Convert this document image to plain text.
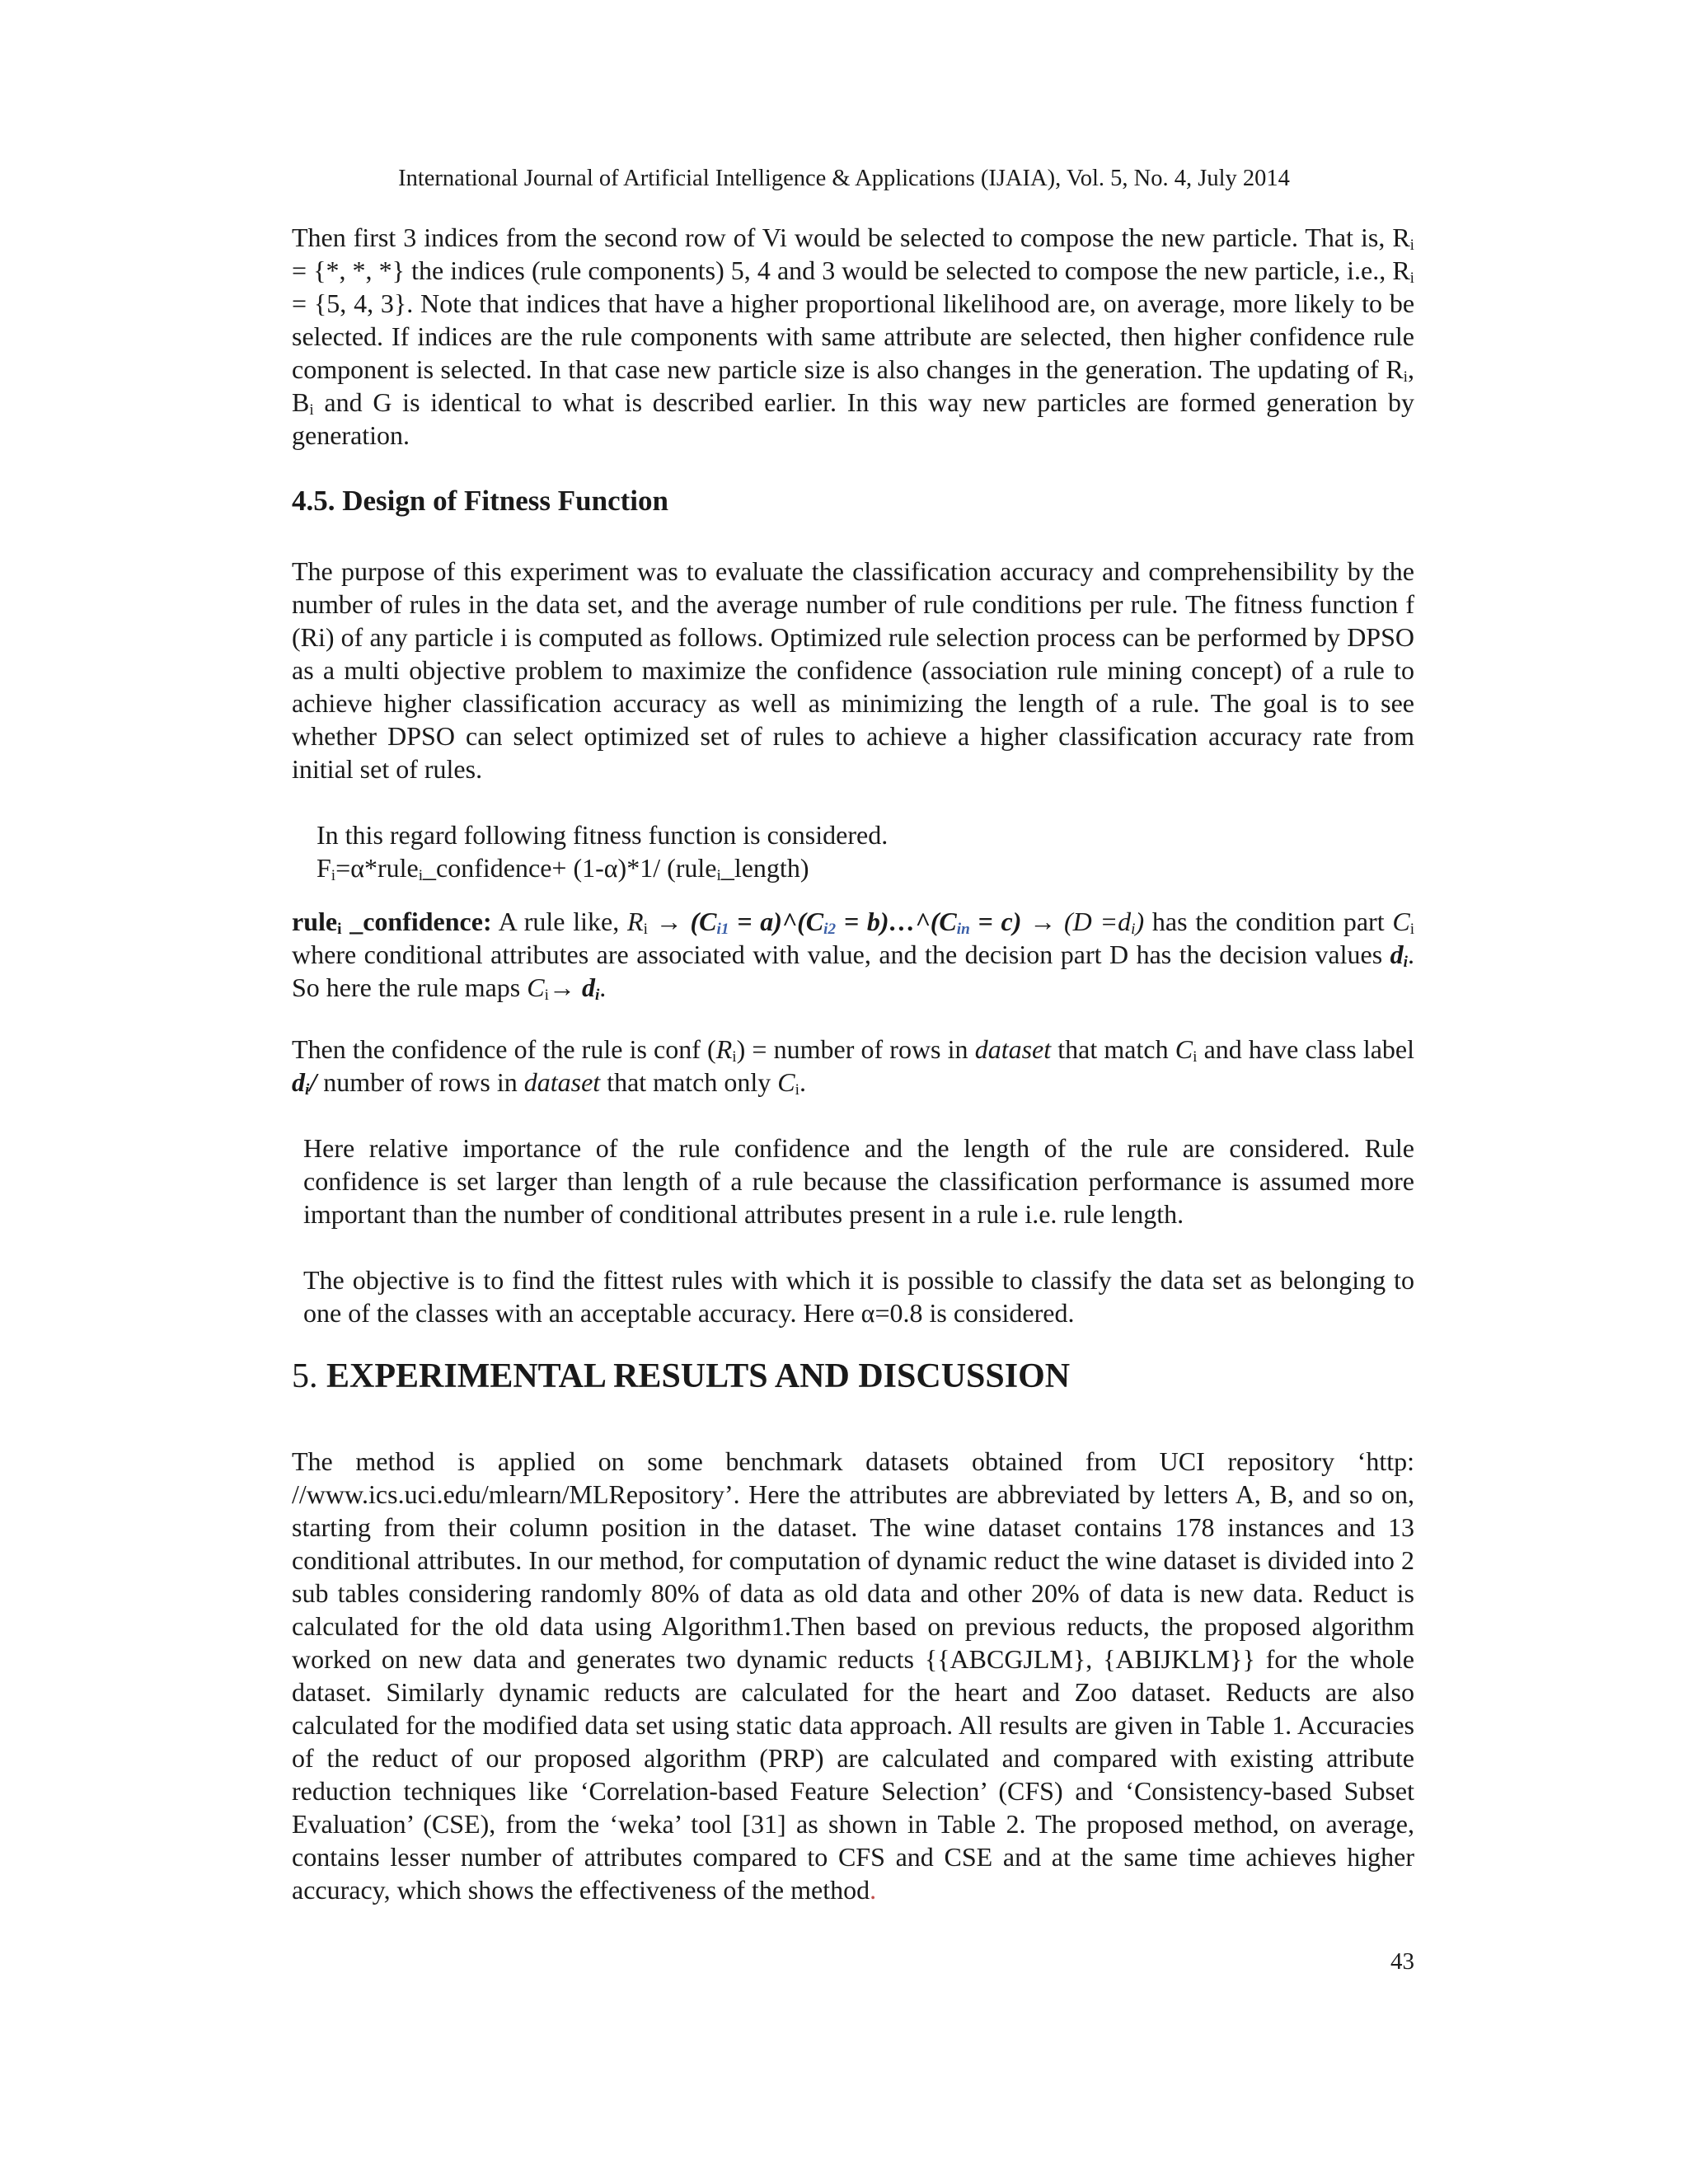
International Journal of Artificial Intelligence & Applications (IJAIA), Vol. 5, No. 4, July 2014

Then first 3 indices from the second row of Vi would be selected to compose the new particle. That is, $R_i$ = {*, *, *} the indices (rule components) 5, 4 and 3 would be selected to compose the new particle, i.e., $R_i = \{5$, 4, 3}. Note that indices that have a higher proportional likelihood are, on average, more likely to be selected. If indices are the rule components with same attribute are selected, then higher confidence rule component is selected. In that case new particle size is also changes in the generation. The updating of $R_i$, $B_i$ and G is identical to what is described earlier. In this way new particles are formed generation by generation.

4.5. Design of Fitness Function

The purpose of this experiment was to evaluate the classification accuracy and comprehensibility by the number of rules in the data set, and the average number of rule conditions per rule. The fitness function f (Ri) of any particle i is computed as follows. Optimized rule selection process can be performed by DPSO as a multi objective problem to maximize the confidence (association rule mining concept) of a rule to achieve higher classification accuracy as well as minimizing the length of a rule. The goal is to see whether DPSO can select optimized set of rules to achieve a higher classification accuracy rate from initial set of rules.

In this regard following fitness function is considered.
$F_i=\alpha*rule_i\_confidence+ (1-\alpha)*1/$ (rule$_i$_length)

rule$_i$ _confidence: A rule like, $R_i \to (C_{i1}$ = $a)\^{}(C_{i2}$ = $b)\dots\^{}(C_{in} = c) \to (D =d_i)$ has the condition part $C_i$ where conditional attributes are associated with value, and the decision part D has the decision values $d_i$. So here the rule maps $C_i\to d_i$.

Then the confidence of the rule is conf $(R_i)$ = number of rows in dataset that match $C_i$ and have class label $d_i/$ number of rows in dataset that match only $C_i$.

Here relative importance of the rule confidence and the length of the rule are considered. Rule confidence is set larger than length of a rule because the classification performance is assumed more important than the number of conditional attributes present in a rule i.e. rule length.

The objective is to find the fittest rules with which it is possible to classify the data set as belonging to one of the classes with an acceptable accuracy. Here α=0.8 is considered.

5. EXPERIMENTAL RESULTS AND DISCUSSION

The method is applied on some benchmark datasets obtained from UCI repository ‘http: //www.ics.uci.edu/mlearn/MLRepository’. Here the attributes are abbreviated by letters A, B, and so on, starting from their column position in the dataset. The wine dataset contains 178 instances and 13 conditional attributes. In our method, for computation of dynamic reduct the wine dataset is divided into 2 sub tables considering randomly 80% of data as old data and other 20% of data is new data. Reduct is calculated for the old data using Algorithm1.Then based on previous reducts, the proposed algorithm worked on new data and generates two dynamic reducts {{ABCGJLM}, {ABIJKLM}} for the whole dataset. Similarly dynamic reducts are calculated for the heart and Zoo dataset. Reducts are also calculated for the modified data set using static data approach. All results are given in Table 1. Accuracies of the reduct of our proposed algorithm (PRP) are calculated and compared with existing attribute reduction techniques like ‘Correlation-based Feature Selection’ (CFS) and ‘Consistency-based Subset Evaluation’ (CSE), from the ‘weka’ tool [31] as shown in Table 2. The proposed method, on average, contains lesser number of attributes compared to CFS and CSE and at the same time achieves higher accuracy, which shows the effectiveness of the method.

43
